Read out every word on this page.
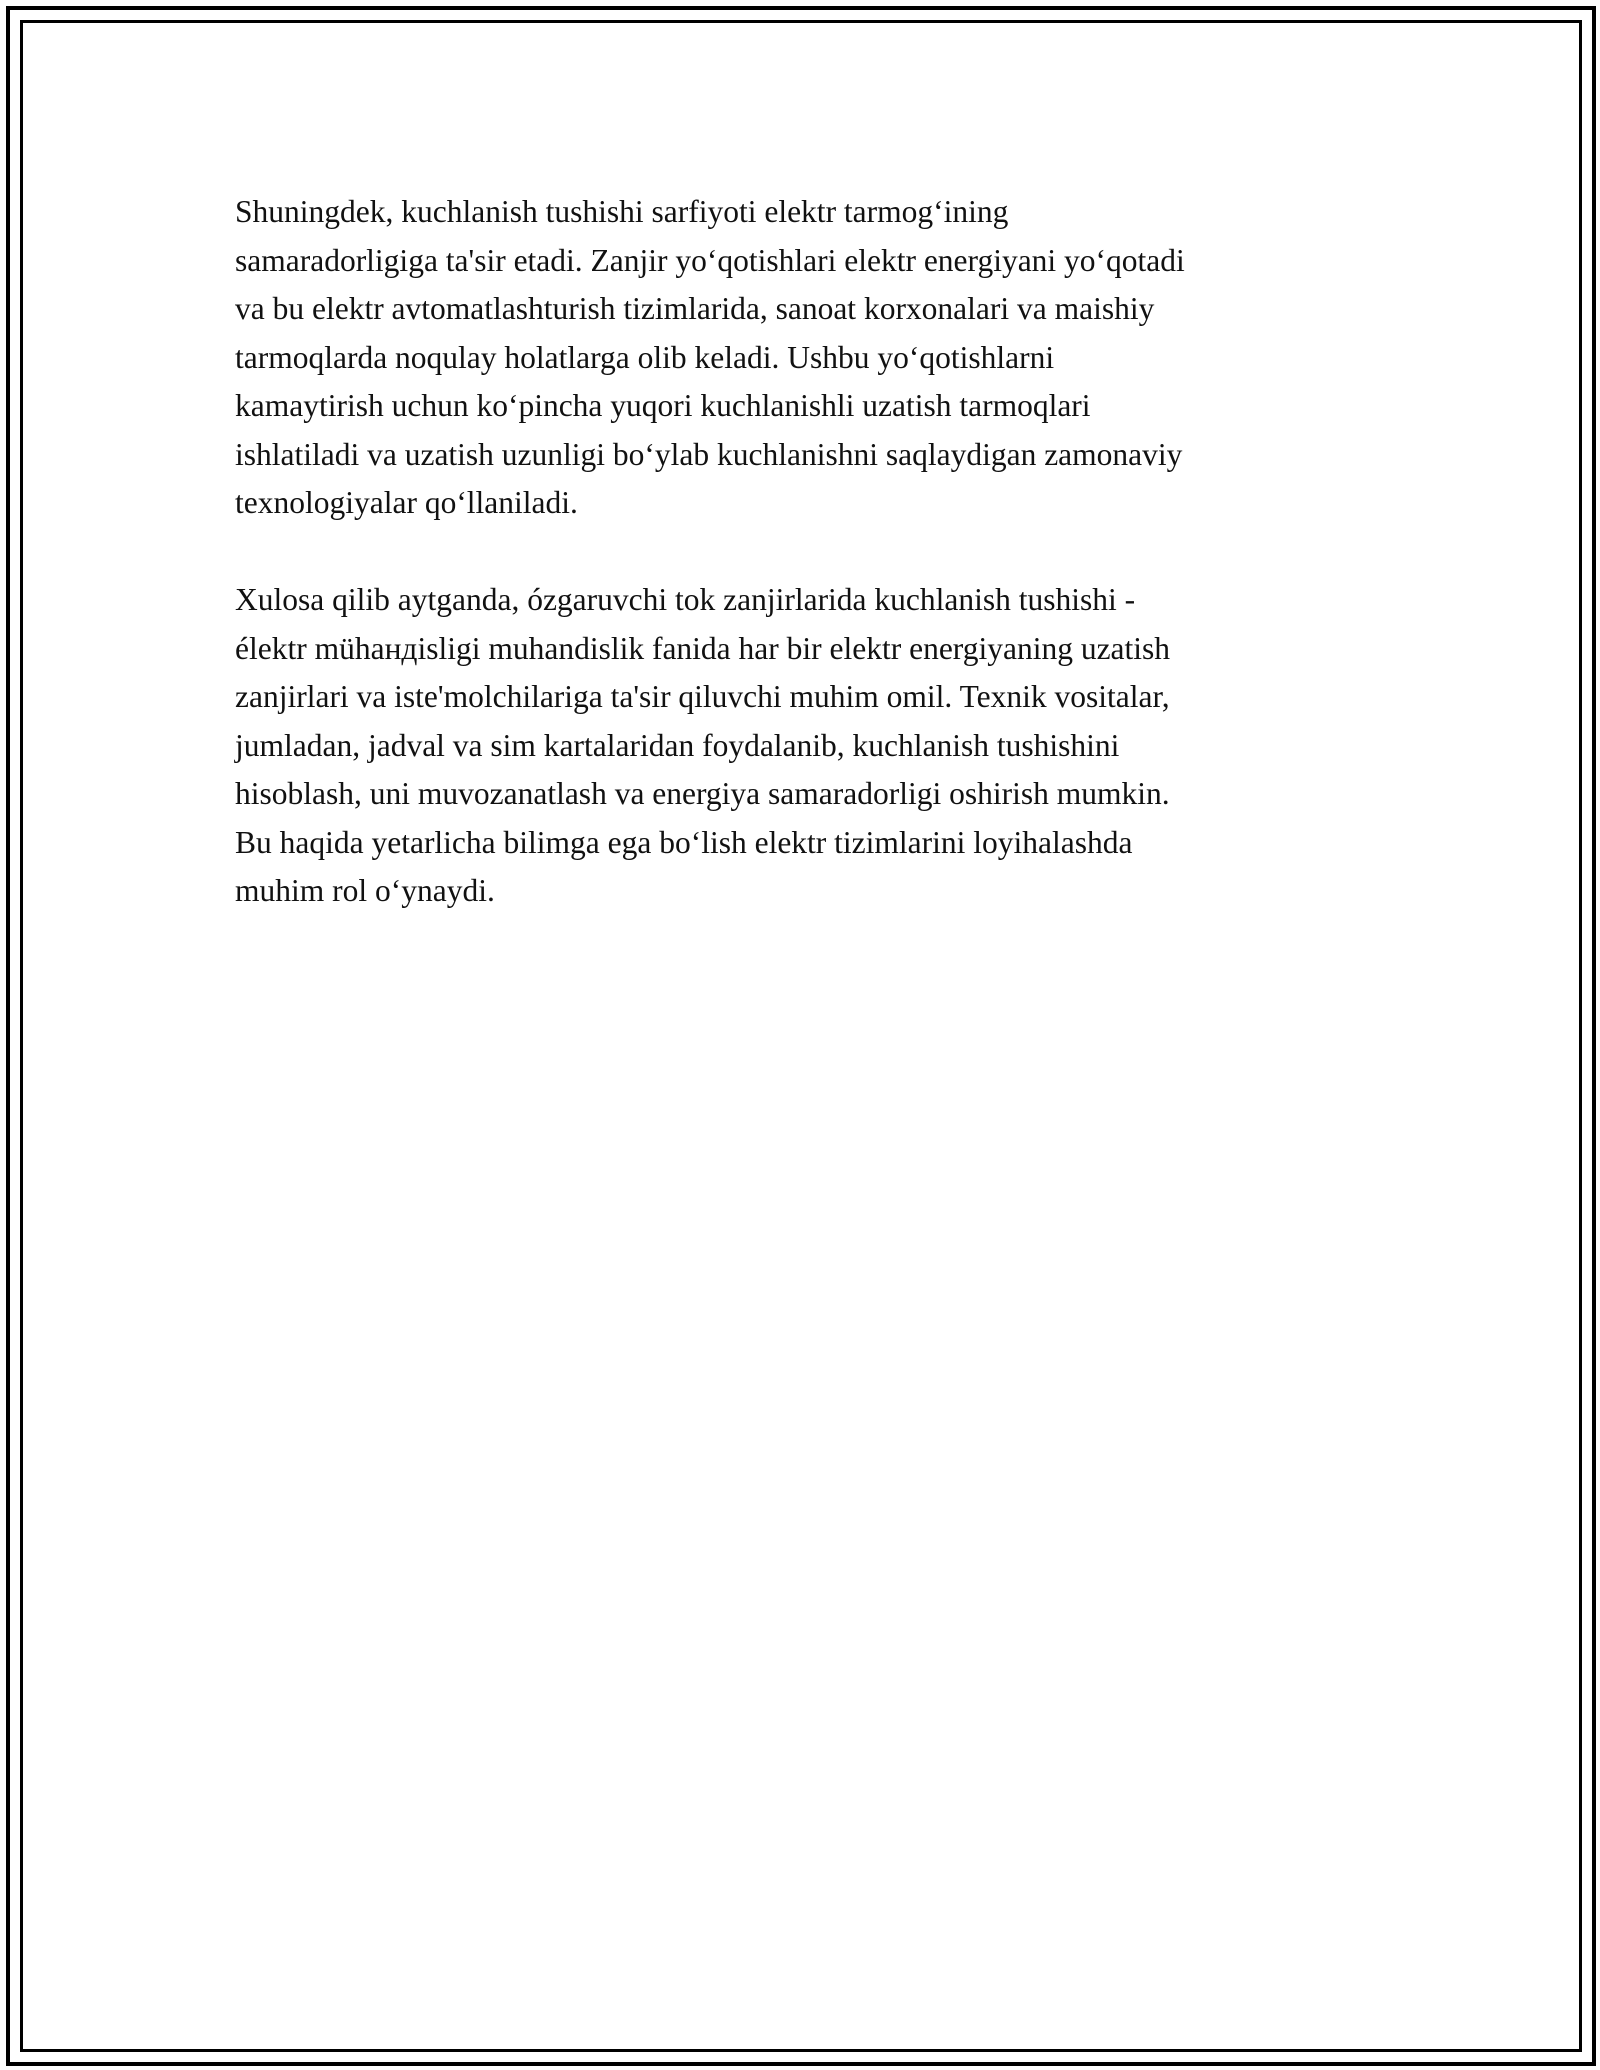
Shuningdek, kuchlanish tushishi sarfiyoti elektr tarmog‘ining
samaradorligiga ta'sir etadi. Zanjir yo‘qotishlari elektr energiyani yo‘qotadi
va bu elektr avtomatlashturish tizimlarida, sanoat korxonalari va maishiy
tarmoqlarda noqulay holatlarga olib keladi. Ushbu yo‘qotishlarni
kamaytirish uchun ko‘pincha yuqori kuchlanishli uzatish tarmoqlari
ishlatiladi va uzatish uzunligi bo‘ylab kuchlanishni saqlaydigan zamonaviy
texnologiyalar qo‘llaniladi.

Xulosa qilib aytganda, ózgaruvchi tok zanjirlarida kuchlanish tushishi -
élektr mühaндisligi muhandislik fanida har bir elektr energiyaning uzatish
zanjirlari va iste'molchilariga ta'sir qiluvchi muhim omil. Texnik vositalar,
jumladan, jadval va sim kartalaridan foydalanib, kuchlanish tushishini
hisoblash, uni muvozanatlash va energiya samaradorligi oshirish mumkin.
Bu haqida yetarlicha bilimga ega bo‘lish elektr tizimlarini loyihalashda
muhim rol o‘ynaydi.
